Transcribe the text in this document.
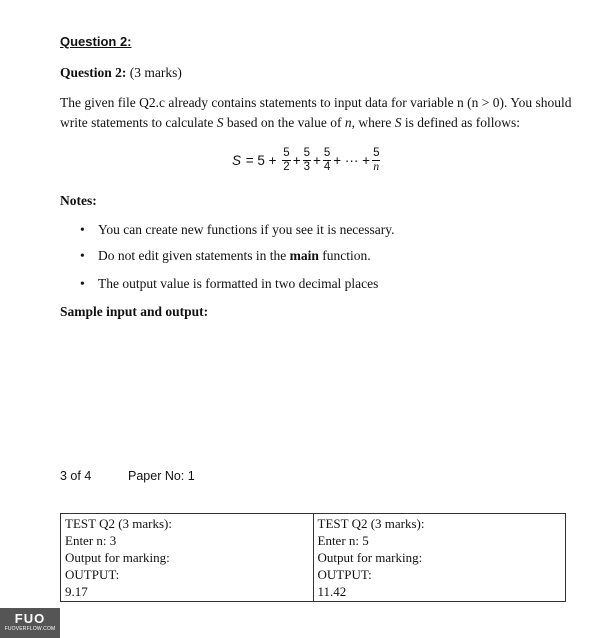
Question 2:
Question 2: (3 marks)
The given file Q2.c already contains statements to input data for variable n (n > 0). You should write statements to calculate S based on the value of n, where S is defined as follows:
$S = 5 + \frac{5}{2} + \frac{5}{3} + \frac{5}{4}$ + ··· + $\frac{5}{n}$
Notes:
• You can create new functions if you see it is necessary.
• Do not edit given statements in the main function.
• The output value is formatted in two decimal places
Sample input and output:
3 of 4	Paper No: 1
TEST Q2 (3 marks):
Enter n: 3
Output for marking:
OUTPUT:
9.17

TEST Q2 (3 marks):
Enter n: 5
Output for marking:
OUTPUT:
11.42
FUO
FUOVERFLOW.COM
